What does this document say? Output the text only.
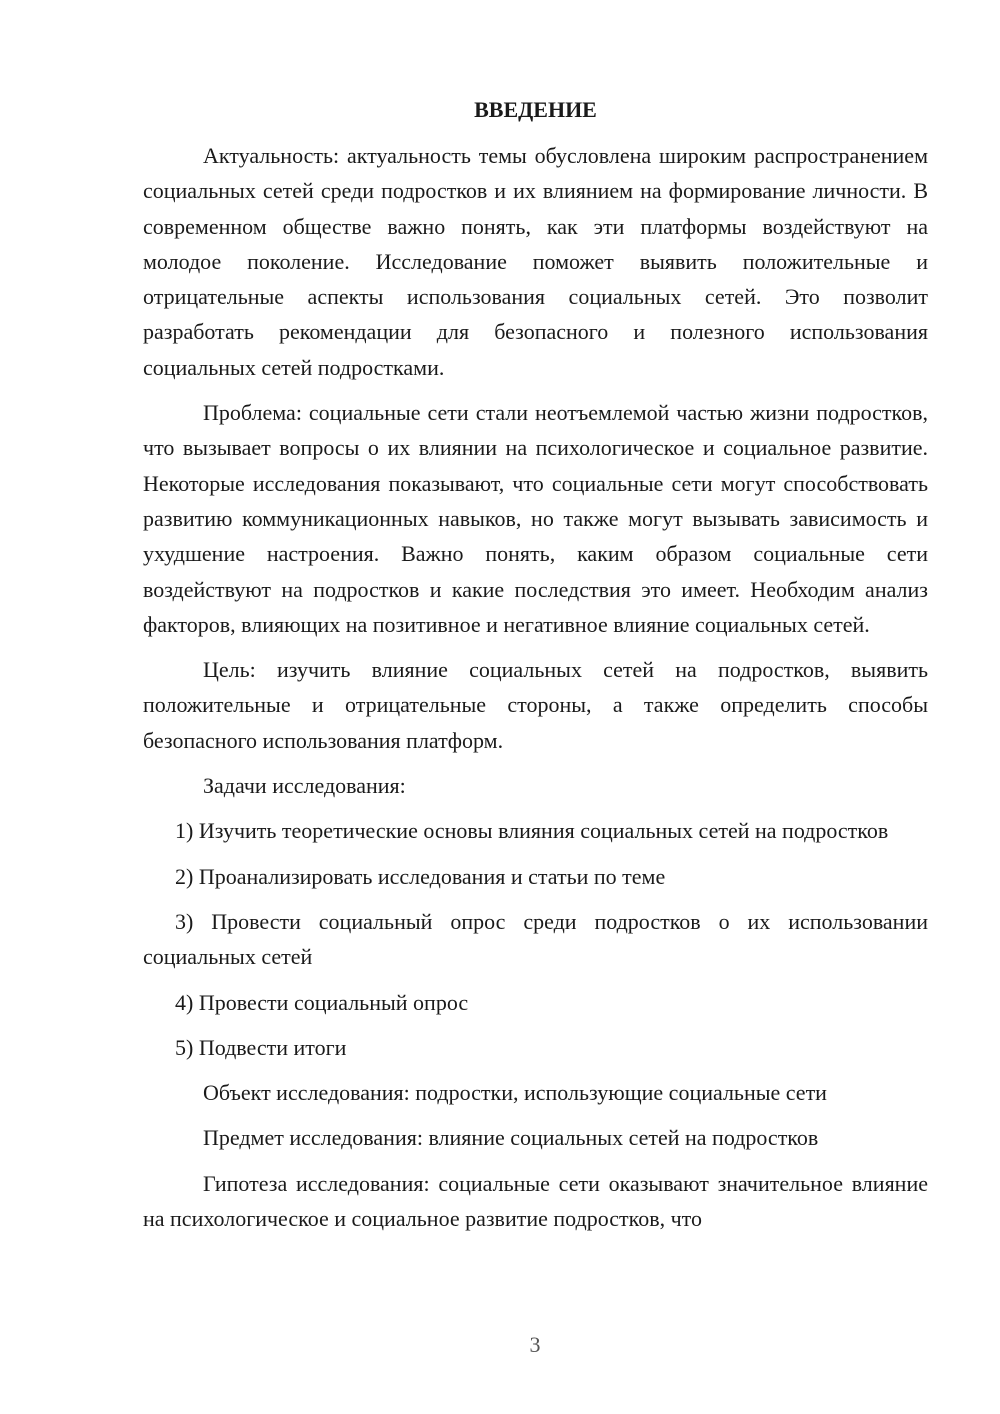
ВВЕДЕНИЕ

Актуальность: актуальность темы обусловлена широким распространением социальных сетей среди подростков и их влиянием на формирование личности. В современном обществе важно понять, как эти платформы воздействуют на молодое поколение. Исследование поможет выявить положительные и отрицательные аспекты использования социальных сетей. Это позволит разработать рекомендации для безопасного и полезного использования социальных сетей подростками.

Проблема: социальные сети стали неотъемлемой частью жизни подростков, что вызывает вопросы о их влиянии на психологическое и социальное развитие. Некоторые исследования показывают, что социальные сети могут способствовать развитию коммуникационных навыков, но также могут вызывать зависимость и ухудшение настроения. Важно понять, каким образом социальные сети воздействуют на подростков и какие последствия это имеет. Необходим анализ факторов, влияющих на позитивное и негативное влияние социальных сетей.

Цель: изучить влияние социальных сетей на подростков, выявить положительные и отрицательные стороны, а также определить способы безопасного использования платформ.

Задачи исследования:

1) Изучить теоретические основы влияния социальных сетей на подростков

2) Проанализировать исследования и статьи по теме

3) Провести социальный опрос среди подростков о их использовании социальных сетей

4) Провести социальный опрос

5) Подвести итоги

Объект исследования: подростки, использующие социальные сети

Предмет исследования: влияние социальных сетей на подростков

Гипотеза исследования: социальные сети оказывают значительное влияние на психологическое и социальное развитие подростков, что

3
